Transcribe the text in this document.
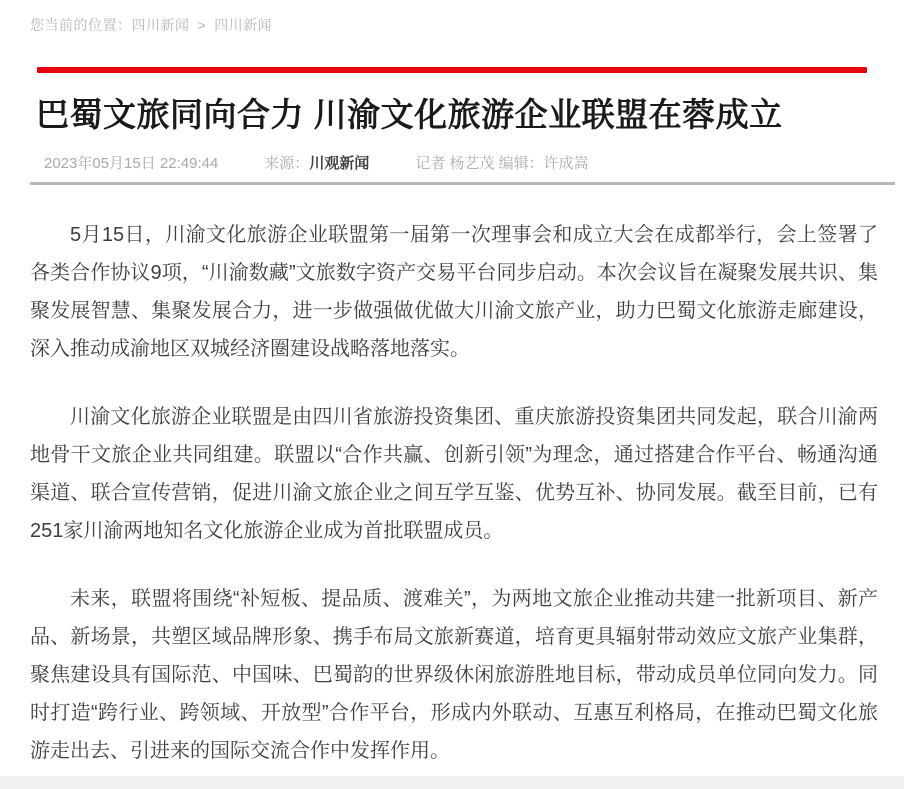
您当前的位置：四川新闻 > 四川新闻
巴蜀文旅同向合力 川渝文化旅游企业联盟在蓉成立
2023年05月15日 22:49:44	来源：川观新闻	记者 杨艺茂 编辑：许成嵩

5月15日，川渝文化旅游企业联盟第一届第一次理事会和成立大会在成都举行，会上签署了各类合作协议9项，“川渝数藏”文旅数字资产交易平台同步启动。本次会议旨在凝聚发展共识、集聚发展智慧、集聚发展合力，进一步做强做优做大川渝文旅产业，助力巴蜀文化旅游走廊建设，深入推动成渝地区双城经济圈建设战略落地落实。

川渝文化旅游企业联盟是由四川省旅游投资集团、重庆旅游投资集团共同发起，联合川渝两地骨干文旅企业共同组建。联盟以“合作共赢、创新引领”为理念，通过搭建合作平台、畅通沟通渠道、联合宣传营销，促进川渝文旅企业之间互学互鉴、优势互补、协同发展。截至目前，已有251家川渝两地知名文化旅游企业成为首批联盟成员。

未来，联盟将围绕“补短板、提品质、渡难关”，为两地文旅企业推动共建一批新项目、新产品、新场景，共塑区域品牌形象、携手布局文旅新赛道，培育更具辐射带动效应文旅产业集群，聚焦建设具有国际范、中国味、巴蜀韵的世界级休闲旅游胜地目标，带动成员单位同向发力。同时打造“跨行业、跨领域、开放型”合作平台，形成内外联动、互惠互利格局，在推动巴蜀文化旅游走出去、引进来的国际交流合作中发挥作用。
